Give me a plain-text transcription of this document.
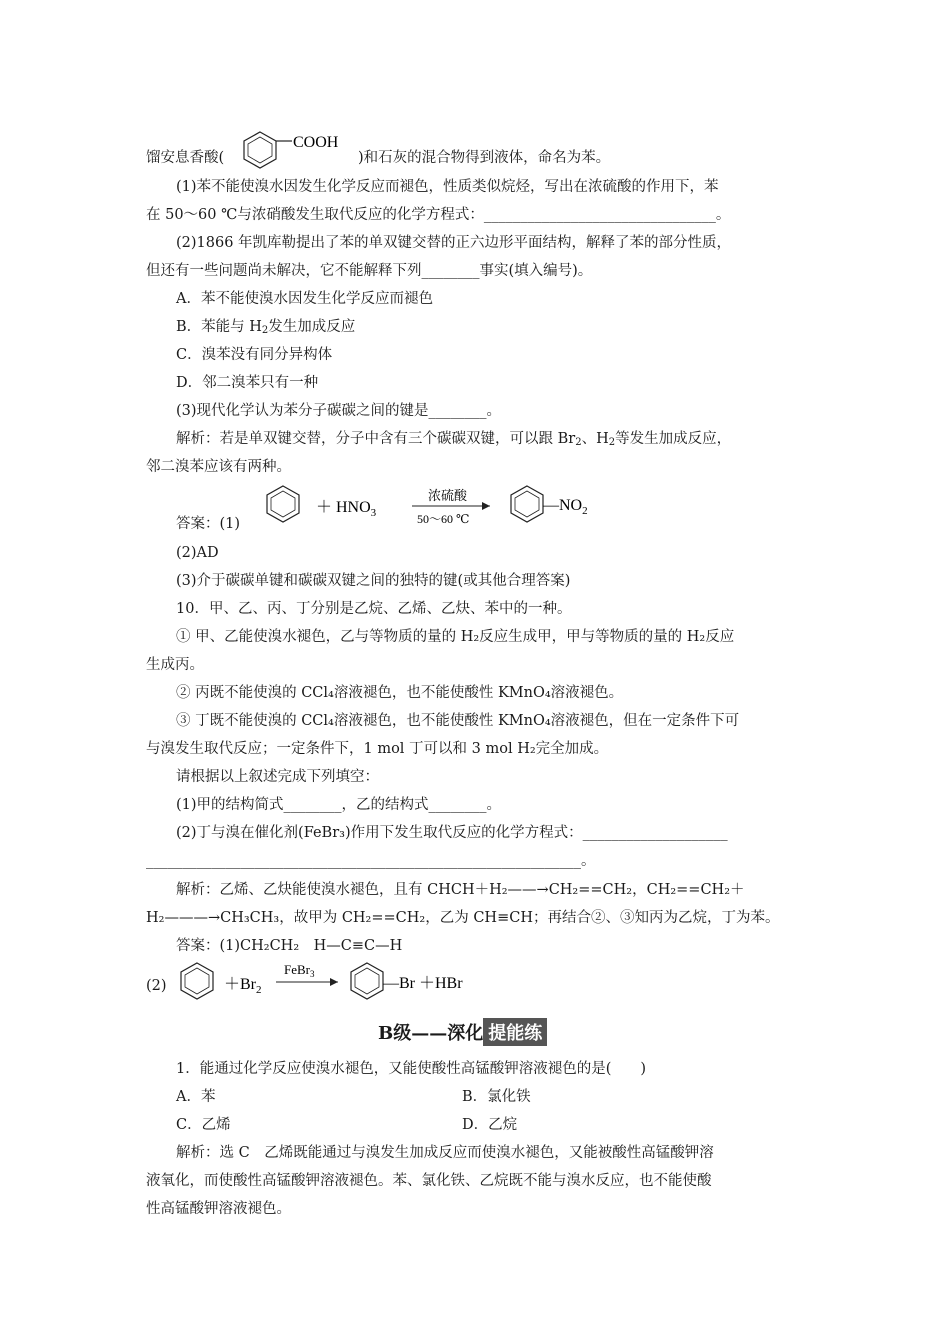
馏安息香酸(
COOH
)和石灰的混合物得到液体，命名为苯。
(1)苯不能使溴水因发生化学反应而褪色，性质类似烷烃，写出在浓硫酸的作用下，苯
在 50～60 ℃与浓硝酸发生取代反应的化学方程式：________________________________。
(2)1866 年凯库勒提出了苯的单双键交替的正六边形平面结构，解释了苯的部分性质，
但还有一些问题尚未解决，它不能解释下列________事实(填入编号)。
A．苯不能使溴水因发生化学反应而褪色
B．苯能与 $H_2$发生加成反应
C．溴苯没有同分异构体
D．邻二溴苯只有一种
(3)现代化学认为苯分子碳碳之间的键是________。
解析：若是单双键交替，分子中含有三个碳碳双键，可以跟 $Br_2$、$H_2$等发生加成反应，
邻二溴苯应该有两种。
答案：(1)
＋ $HNO_3$
浓硫酸
50～60 ℃
$—NO_2$
(2)AD
(3)介于碳碳单键和碳碳双键之间的独特的键(或其他合理答案)
10．甲、乙、丙、丁分别是乙烷、乙烯、乙炔、苯中的一种。
① 甲、乙能使溴水褪色，乙与等物质的量的 H₂反应生成甲，甲与等物质的量的 H₂反应
生成丙。
② 丙既不能使溴的 CCl₄溶液褪色，也不能使酸性 KMnO₄溶液褪色。
③ 丁既不能使溴的 CCl₄溶液褪色，也不能使酸性 KMnO₄溶液褪色，但在一定条件下可
与溴发生取代反应；一定条件下，1 mol 丁可以和 3 mol H₂完全加成。
请根据以上叙述完成下列填空：
(1)甲的结构简式________，乙的结构式________。
(2)丁与溴在催化剂(FeBr₃)作用下发生取代反应的化学方程式：____________________
____________________________________________________________。
解析：乙烯、乙炔能使溴水褪色，且有 CHCH＋H₂——→CH₂==CH₂，CH₂==CH₂＋
H₂———→CH₃CH₃，故甲为 CH₂==CH₂，乙为 CH≡CH；再结合②、③知丙为乙烷，丁为苯。
答案：(1)CH₂CH₂　H—C≡C—H
(2)	$+Br_2$
FeBr$_3$
—Br ＋HBr
B级——深化 提能练
1．能通过化学反应使溴水褪色，又能使酸性高锰酸钾溶液褪色的是(　　)
A．苯	B．氯化铁
C．乙烯	D．乙烷
解析：选 C　乙烯既能通过与溴发生加成反应而使溴水褪色，又能被酸性高锰酸钾溶
液氧化，而使酸性高锰酸钾溶液褪色。苯、氯化铁、乙烷既不能与溴水反应，也不能使酸
性高锰酸钾溶液褪色。
